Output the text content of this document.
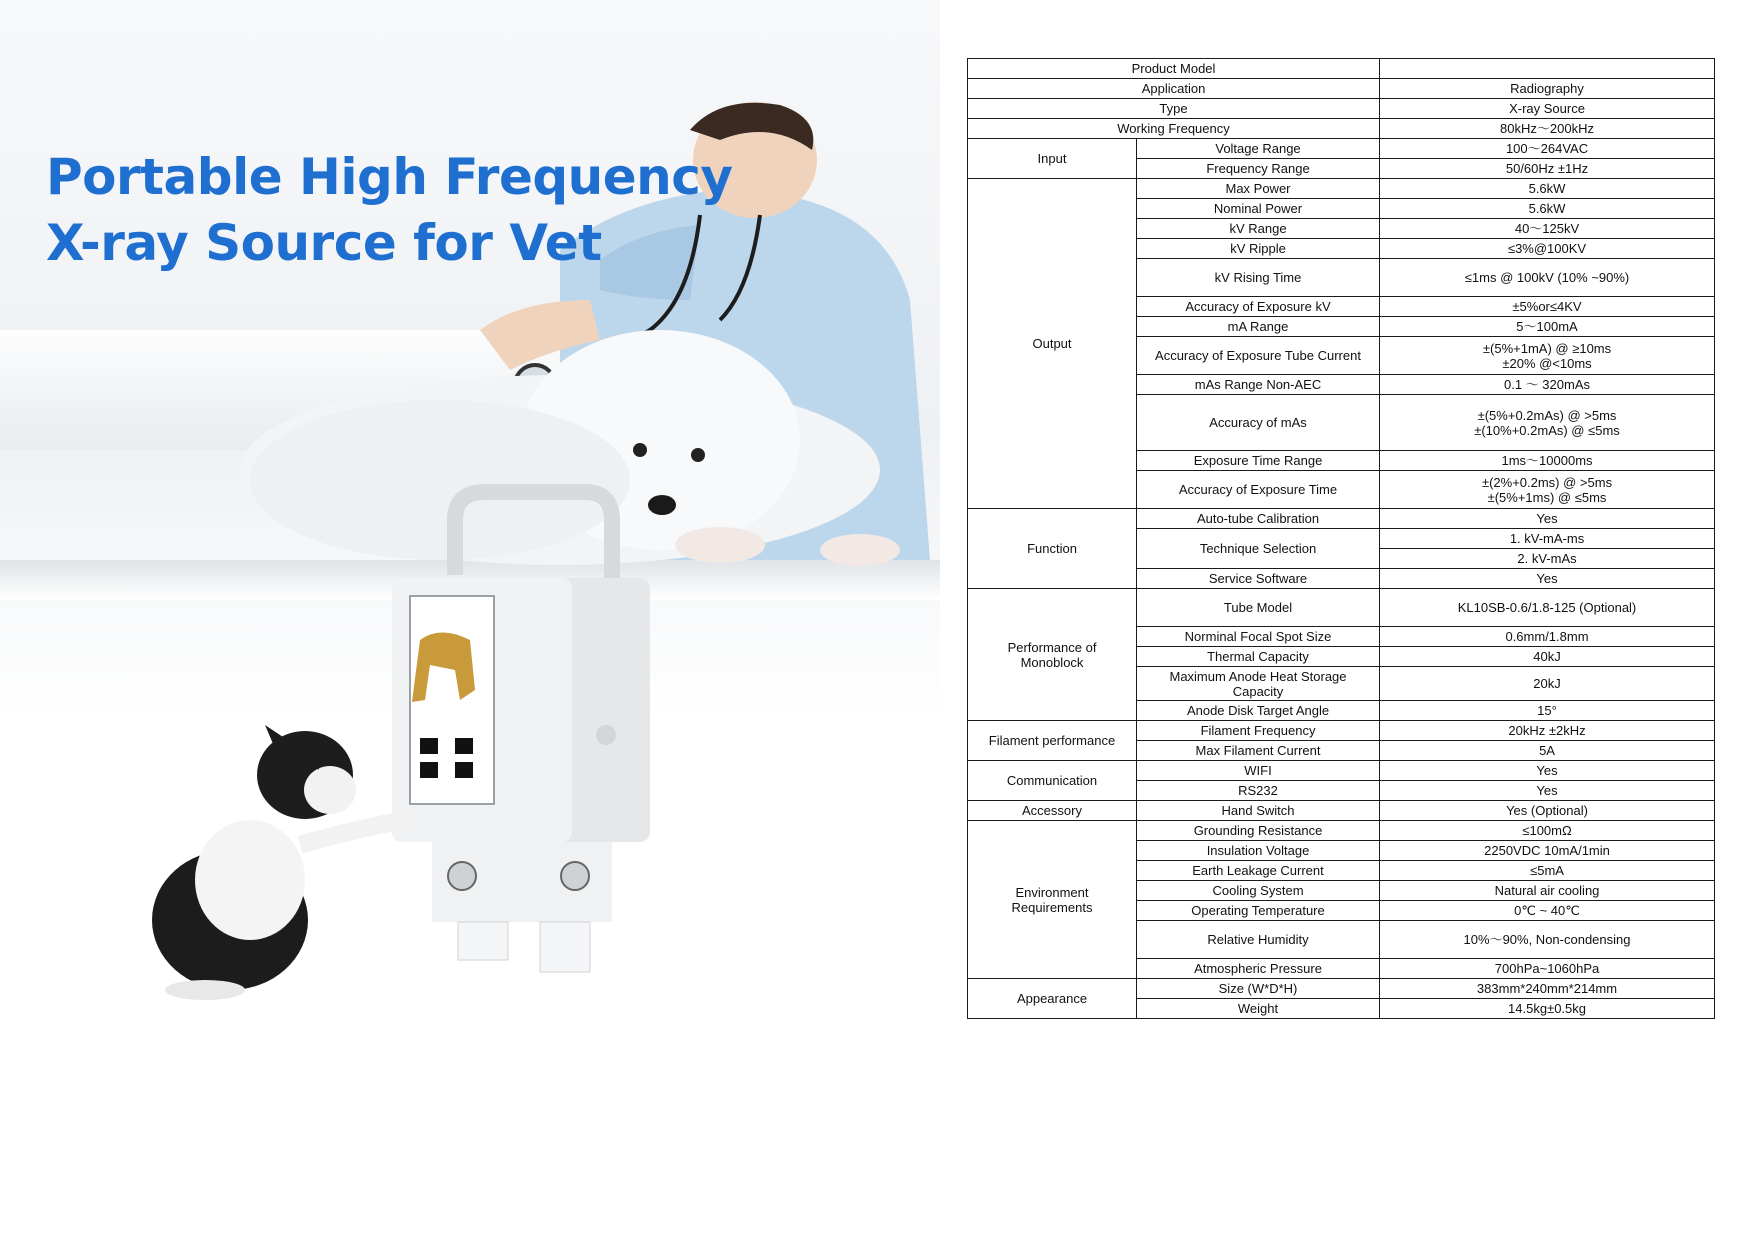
Portable High Frequency
X-ray Source for Vet
Product Model		
Application		Radiography
Type		X-ray Source
Working Frequency		80kHz～200kHz

Input	Voltage Range	100～264VAC

	Frequency Range	50/60Hz ±1Hz

Output	Max Power	5.6kW

	Nominal Power	5.6kW

	kV Range	40～125kV

	kV Ripple	≤3%@100KV

	kV Rising Time	≤1ms @ 100kV (10% ~90%)

	Accuracy of Exposure kV	±5%or≤4KV

	mA Range	5～100mA

	Accuracy of Exposure Tube Current	±(5%+1mA) @ ≥10ms
±20% @<10ms

	mAs Range Non-AEC	0.1 ～ 320mAs

	Accuracy of mAs	±(5%+0.2mAs) @ >5ms
±(10%+0.2mAs) @ ≤5ms

	Exposure Time Range	1ms～10000ms

	Accuracy of Exposure Time	±(2%+0.2ms) @ >5ms
±(5%+1ms) @ ≤5ms

Function	Auto-tube Calibration	Yes

	Technique Selection	1. kV-mA-ms

		2. kV-mAs

	Service Software	Yes

Performance of
Monoblock	Tube Model	KL10SB-0.6/1.8-125 (Optional)

	Norminal Focal Spot Size	0.6mm/1.8mm

	Thermal Capacity	40kJ

	Maximum Anode Heat Storage
Capacity	20kJ

	Anode Disk Target Angle	15°

Filament performance	Filament Frequency	20kHz ±2kHz

	Max Filament Current	5A

Communication	WIFI	Yes

	RS232	Yes

Accessory	Hand Switch	Yes (Optional)

Environment
Requirements	Grounding Resistance	≤100mΩ

	Insulation Voltage	2250VDC 10mA/1min

	Earth Leakage Current	≤5mA

	Cooling System	Natural air cooling

	Operating Temperature	0℃ ~ 40℃

	Relative Humidity	10%～90%, Non-condensing

	Atmospheric Pressure	700hPa~1060hPa

Appearance	Size (W*D*H)	383mm*240mm*214mm

	Weight	14.5kg±0.5kg
